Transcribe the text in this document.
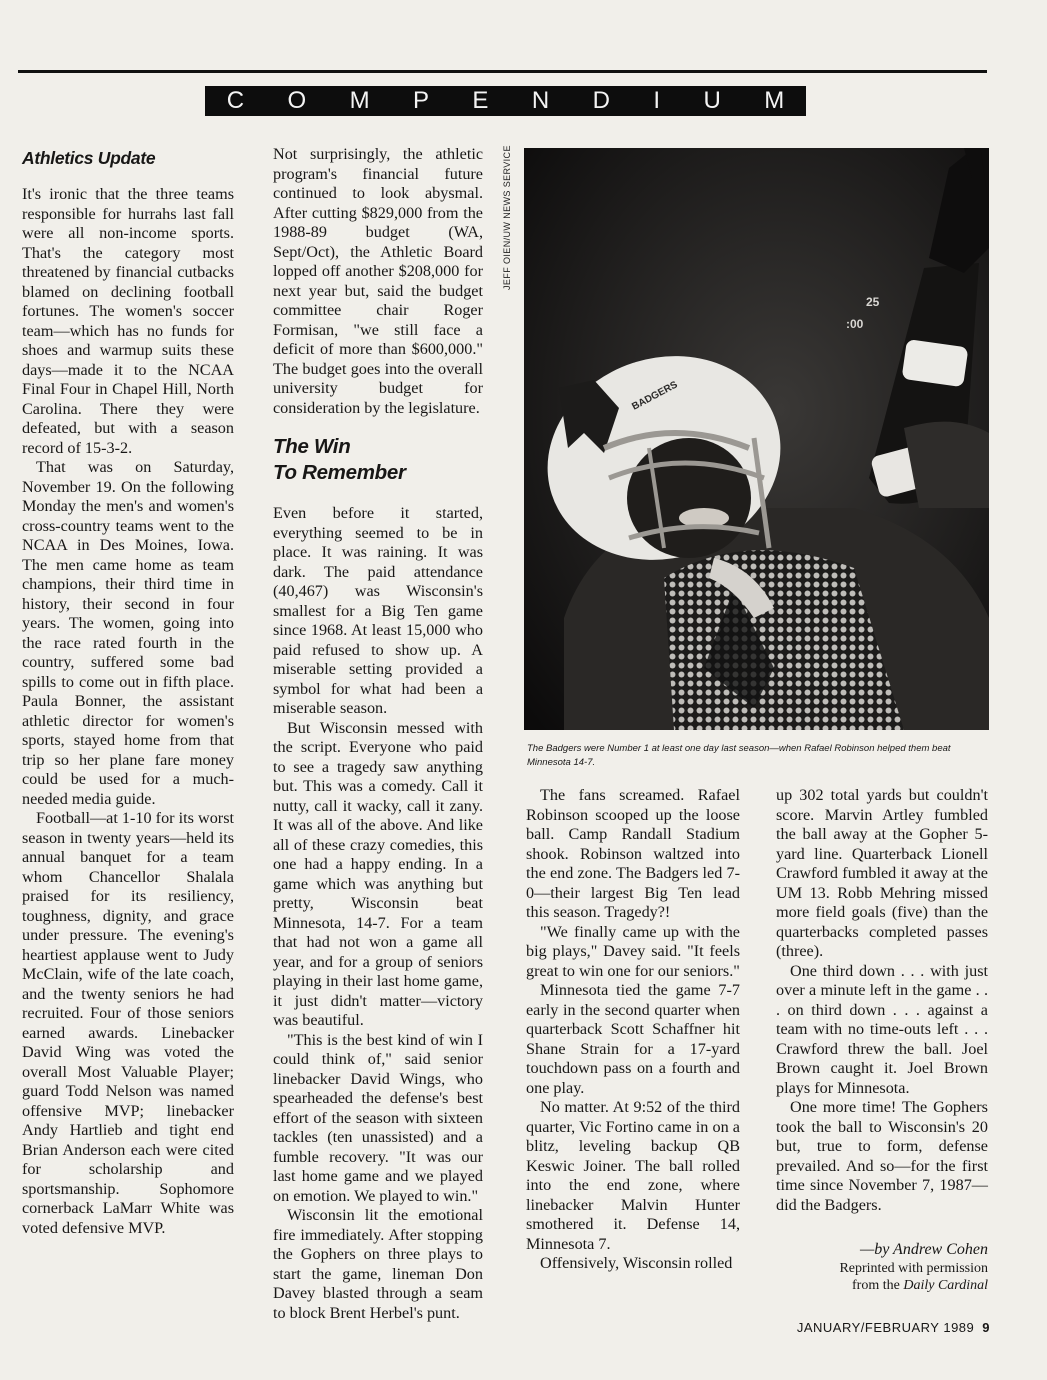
C O M P E N D I U M
Athletics Update

It's ironic that the three teams responsible for hurrahs last fall were all non-income sports. That's the category most threatened by financial cutbacks blamed on declining football fortunes. The women's soccer team—which has no funds for shoes and warmup suits these days—made it to the NCAA Final Four in Chapel Hill, North Carolina. There they were defeated, but with a season record of 15-3-2.

That was on Saturday, November 19. On the following Monday the men's and women's cross-country teams went to the NCAA in Des Moines, Iowa. The men came home as team champions, their third time in history, their second in four years. The women, going into the race rated fourth in the country, suffered some bad spills to come out in fifth place. Paula Bonner, the assistant athletic director for women's sports, stayed home from that trip so her plane fare money could be used for a much-needed media guide.

Football—at 1-10 for its worst season in twenty years—held its annual banquet for a team whom Chancellor Shalala praised for its resiliency, toughness, dignity, and grace under pressure. The evening's heartiest applause went to Judy McClain, wife of the late coach, and the twenty seniors he had recruited. Four of those seniors earned awards. Linebacker David Wing was voted the overall Most Valuable Player; guard Todd Nelson was named offensive MVP; linebacker Andy Hartlieb and tight end Brian Anderson each were cited for scholarship and sportsmanship. Sophomore cornerback LaMarr White was voted defensive MVP.

Not surprisingly, the athletic program's financial future continued to look abysmal. After cutting $829,000 from the 1988-89 budget (WA, Sept/Oct), the Athletic Board lopped off another $208,000 for next year but, said the budget committee chair Roger Formisan, "we still face a deficit of more than $600,000." The budget goes into the overall university budget for consideration by the legislature.

The Win
To Remember

Even before it started, everything seemed to be in place. It was raining. It was dark. The paid attendance (40,467) was Wisconsin's smallest for a Big Ten game since 1968. At least 15,000 who paid refused to show up. A miserable setting provided a symbol for what had been a miserable season.

But Wisconsin messed with the script. Everyone who paid to see a tragedy saw anything but. This was a comedy. Call it nutty, call it wacky, call it zany. It was all of the above. And like all of these crazy comedies, this one had a happy ending. In a game which was anything but pretty, Wisconsin beat Minnesota, 14-7. For a team that had not won a game all year, and for a group of seniors playing in their last home game, it just didn't matter—victory was beautiful.

"This is the best kind of win I could think of," said senior linebacker David Wings, who spearheaded the defense's best effort of the season with sixteen tackles (ten unassisted) and a fumble recovery. "It was our last home game and we played on emotion. We played to win."

Wisconsin lit the emotional fire immediately. After stopping the Gophers on three plays to start the game, lineman Don Davey blasted through a seam to block Brent Herbel's punt.

JEFF OIEN/UW NEWS SERVICE
25
:00
BADGERS
The Badgers were Number 1 at least one day last season—when Rafael Robinson helped them beat Minnesota 14-7.

The fans screamed. Rafael Robinson scooped up the loose ball. Camp Randall Stadium shook. Robinson waltzed into the end zone. The Badgers led 7-0—their largest Big Ten lead this season. Tragedy?!

"We finally came up with the big plays," Davey said. "It feels great to win one for our seniors."

Minnesota tied the game 7-7 early in the second quarter when quarterback Scott Schaffner hit Shane Strain for a 17-yard touchdown pass on a fourth and one play.

No matter. At 9:52 of the third quarter, Vic Fortino came in on a blitz, leveling backup QB Keswic Joiner. The ball rolled into the end zone, where linebacker Malvin Hunter smothered it. Defense 14, Minnesota 7.

Offensively, Wisconsin rolled

up 302 total yards but couldn't score. Marvin Artley fumbled the ball away at the Gopher 5-yard line. Quarterback Lionell Crawford fumbled it away at the UM 13. Robb Mehring missed more field goals (five) than the quarterbacks completed passes (three).

One third down . . . with just over a minute left in the game . . . on third down . . . against a team with no time-outs left . . . Crawford threw the ball. Joel Brown caught it. Joel Brown plays for Minnesota.

One more time! The Gophers took the ball to Wisconsin's 20 but, true to form, defense prevailed. And so—for the first time since November 7, 1987—did the Badgers.

—by Andrew Cohen
Reprinted with permission
from the Daily Cardinal
JANUARY/FEBRUARY 1989 9
